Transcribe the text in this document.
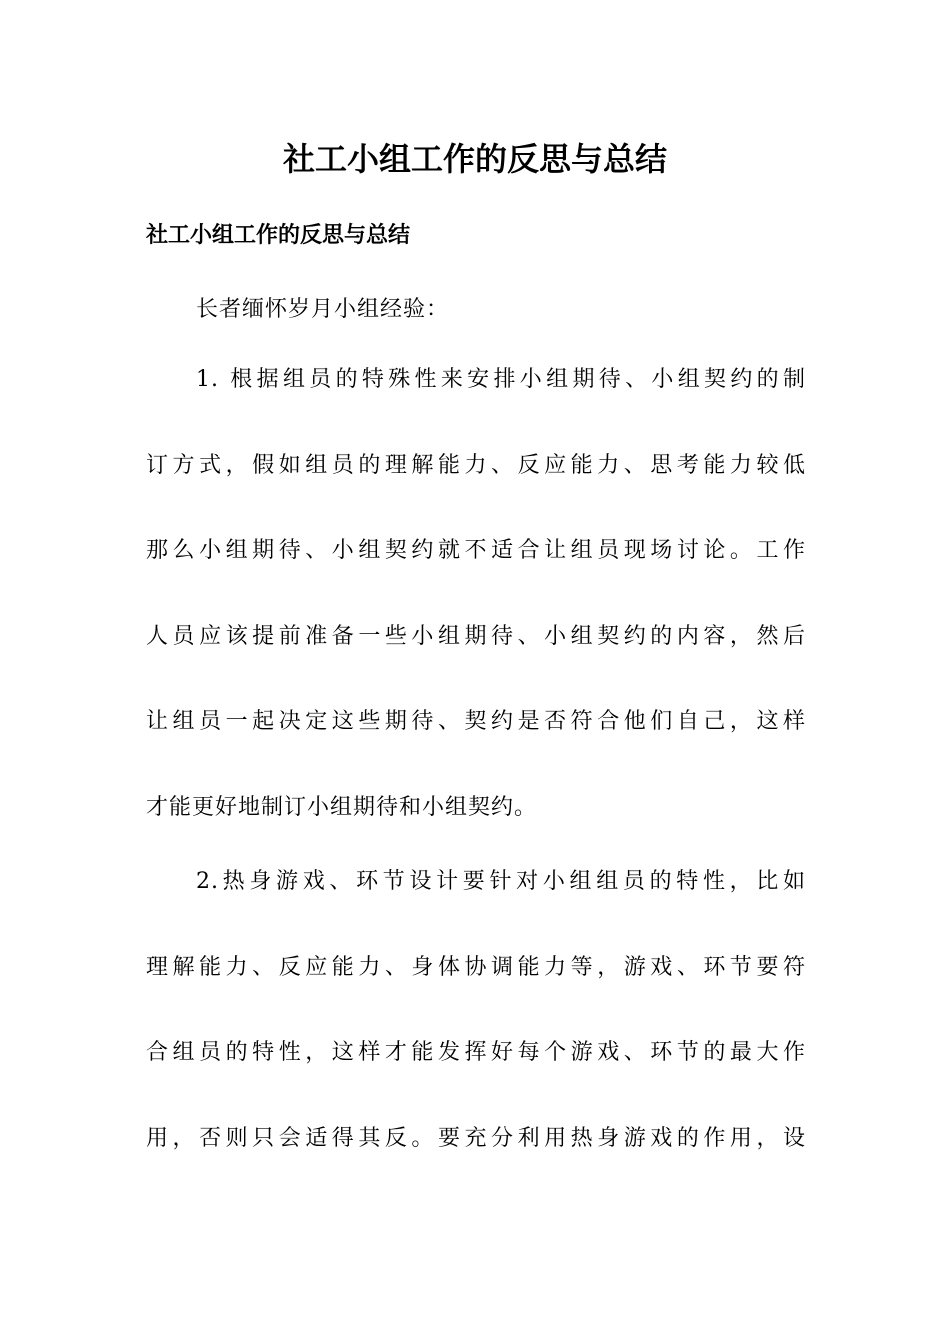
社工小组工作的反思与总结
社工小组工作的反思与总结

长者缅怀岁月小组经验：

1. 根据组员的特殊性来安排小组期待、小组契约的制

订方式，假如组员的理解能力、反应能力、思考能力较低

那么小组期待、小组契约就不适合让组员现场讨论。工作

人员应该提前准备一些小组期待、小组契约的内容，然后

让组员一起决定这些期待、契约是否符合他们自己，这样

才能更好地制订小组期待和小组契约。

2.热身游戏、环节设计要针对小组组员的特性，比如

理解能力、反应能力、身体协调能力等，游戏、环节要符

合组员的特性，这样才能发挥好每个游戏、环节的最大作

用，否则只会适得其反。要充分利用热身游戏的作用，设
